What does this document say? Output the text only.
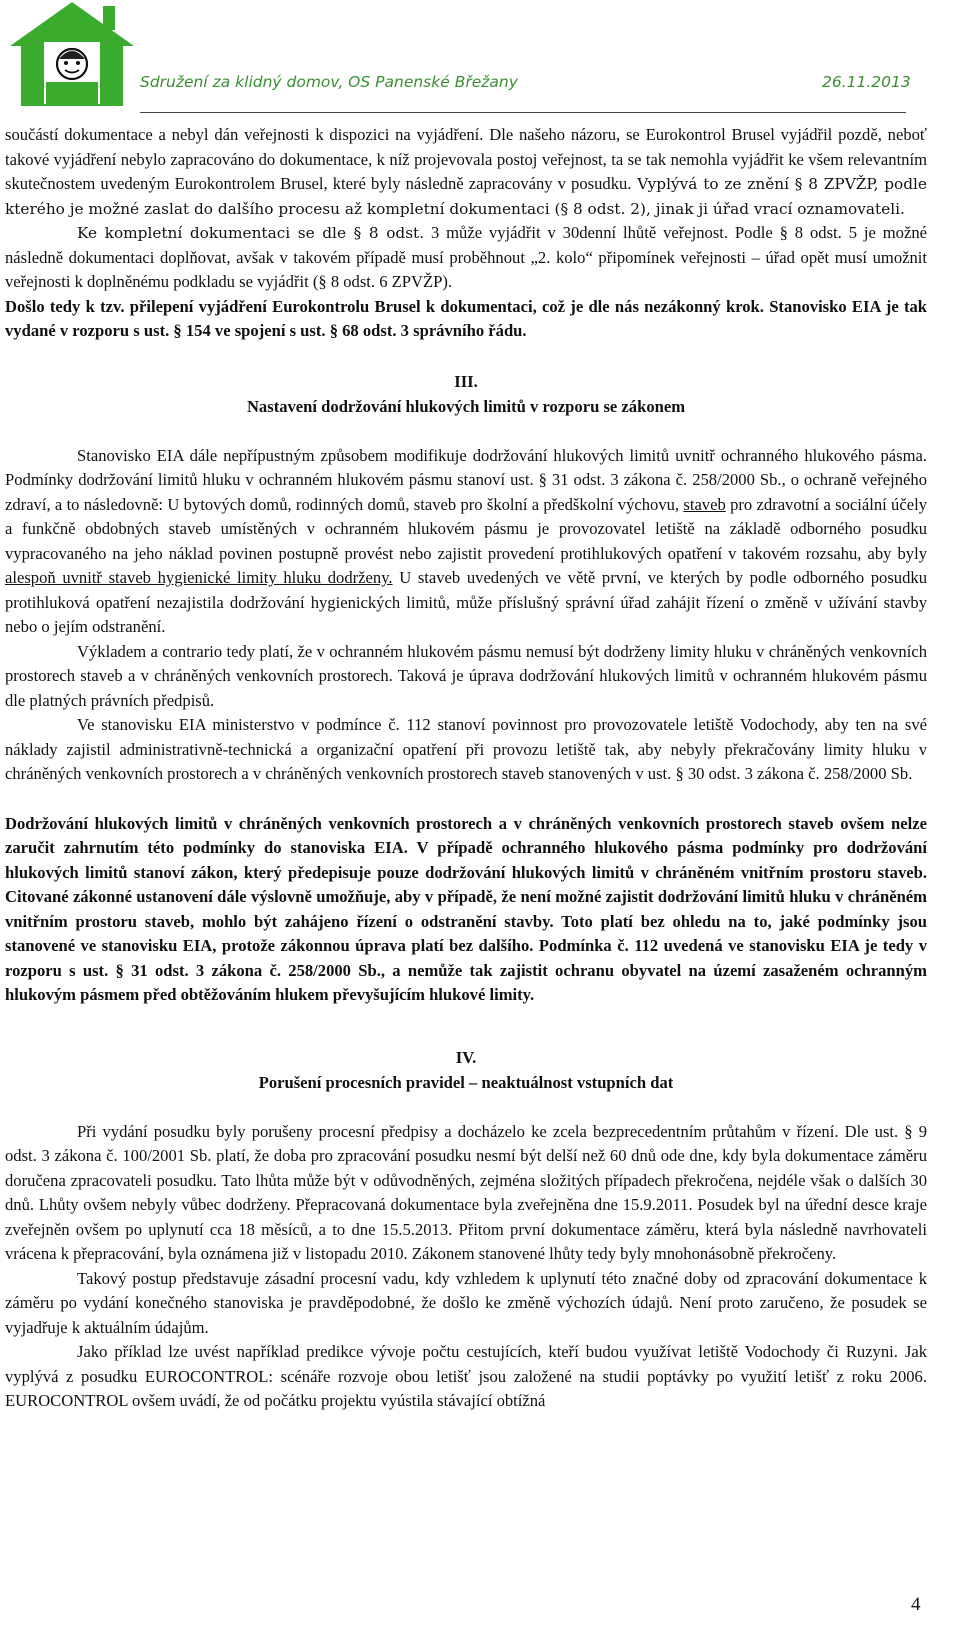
Sdružení za klidný domov, OS Panenské Břežany	26.11.2013

součástí dokumentace a nebyl dán veřejnosti k dispozici na vyjádření. Dle našeho názoru, se Eurokontrol Brusel vyjádřil pozdě, neboť takové vyjádření nebylo zapracováno do dokumentace, k níž projevovala postoj veřejnost, ta se tak nemohla vyjádřit ke všem relevantním skutečnostem uvedeným Eurokontrolem Brusel, které byly následně zapracovány v posudku. Vyplývá to ze znění § 8 ZPVŽP, podle kterého je možné zaslat do dalšího procesu až kompletní dokumentaci (§ 8 odst. 2), jinak ji úřad vrací oznamovateli.
Ke kompletní dokumentaci se dle § 8 odst. 3 může vyjádřit v 30denní lhůtě veřejnost. Podle § 8 odst. 5 je možné následně dokumentaci doplňovat, avšak v takovém případě musí proběhnout „2. kolo“ připomínek veřejnosti – úřad opět musí umožnit veřejnosti k doplněnému podkladu se vyjádřit (§ 8 odst. 6 ZPVŽP).

Došlo tedy k tzv. přilepení vyjádření Eurokontrolu Brusel k dokumentaci, což je dle nás nezákonný krok. Stanovisko EIA je tak vydané v rozporu s ust. § 154 ve spojení s ust. § 68 odst. 3 správního řádu.

III.

Nastavení dodržování hlukových limitů v rozporu se zákonem

Stanovisko EIA dále nepřípustným způsobem modifikuje dodržování hlukových limitů uvnitř ochranného hlukového pásma. Podmínky dodržování limitů hluku v ochranném hlukovém pásmu stanoví ust. § 31 odst. 3 zákona č. 258/2000 Sb., o ochraně veřejného zdraví, a to následovně: U bytových domů, rodinných domů, staveb pro školní a předškolní výchovu, staveb pro zdravotní a sociální účely a funkčně obdobných staveb umístěných v ochranném hlukovém pásmu je provozovatel letiště na základě odborného posudku vypracovaného na jeho náklad povinen postupně provést nebo zajistit provedení protihlukových opatření v takovém rozsahu, aby byly alespoň uvnitř staveb hygienické limity hluku dodrženy. U staveb uvedených ve větě první, ve kterých by podle odborného posudku protihluková opatření nezajistila dodržování hygienických limitů, může příslušný správní úřad zahájit řízení o změně v užívání stavby nebo o jejím odstranění.

Výkladem a contrario tedy platí, že v ochranném hlukovém pásmu nemusí být dodrženy limity hluku v chráněných venkovních prostorech staveb a v chráněných venkovních prostorech. Taková je úprava dodržování hlukových limitů v ochranném hlukovém pásmu dle platných právních předpisů.

Ve stanovisku EIA ministerstvo v podmínce č. 112 stanoví povinnost pro provozovatele letiště Vodochody, aby ten na své náklady zajistil administrativně-technická a organizační opatření při provozu letiště tak, aby nebyly překračovány limity hluku v chráněných venkovních prostorech a v chráněných venkovních prostorech staveb stanovených v ust. § 30 odst. 3 zákona č. 258/2000 Sb.

Dodržování hlukových limitů v chráněných venkovních prostorech a v chráněných venkovních prostorech staveb ovšem nelze zaručit zahrnutím této podmínky do stanoviska EIA. V případě ochranného hlukového pásma podmínky pro dodržování hlukových limitů stanoví zákon, který předepisuje pouze dodržování hlukových limitů v chráněném vnitřním prostoru staveb. Citované zákonné ustanovení dále výslovně umožňuje, aby v případě, že není možné zajistit dodržování limitů hluku v chráněném vnitřním prostoru staveb, mohlo být zahájeno řízení o odstranění stavby. Toto platí bez ohledu na to, jaké podmínky jsou stanovené ve stanovisku EIA, protože zákonnou úprava platí bez dalšího. Podmínka č. 112 uvedená ve stanovisku EIA je tedy v rozporu s ust. § 31 odst. 3 zákona č. 258/2000 Sb., a nemůže tak zajistit ochranu obyvatel na území zasaženém ochranným hlukovým pásmem před obtěžováním hlukem převyšujícím hlukové limity.

IV.

Porušení procesních pravidel – neaktuálnost vstupních dat

Při vydání posudku byly porušeny procesní předpisy a docházelo ke zcela bezprecedentním průtahům v řízení. Dle ust. § 9 odst. 3 zákona č. 100/2001 Sb. platí, že doba pro zpracování posudku nesmí být delší než 60 dnů ode dne, kdy byla dokumentace záměru doručena zpracovateli posudku. Tato lhůta může být v odůvodněných, zejména složitých případech překročena, nejdéle však o dalších 30 dnů. Lhůty ovšem nebyly vůbec dodrženy. Přepracovaná dokumentace byla zveřejněna dne 15.9.2011. Posudek byl na úřední desce kraje zveřejněn ovšem po uplynutí cca 18 měsíců, a to dne 15.5.2013. Přitom první dokumentace záměru, která byla následně navrhovateli vrácena k přepracování, byla oznámena již v listopadu 2010. Zákonem stanovené lhůty tedy byly mnohonásobně překročeny.

Takový postup představuje zásadní procesní vadu, kdy vzhledem k uplynutí této značné doby od zpracování dokumentace k záměru po vydání konečného stanoviska je pravděpodobné, že došlo ke změně výchozích údajů. Není proto zaručeno, že posudek se vyjadřuje k aktuálním údajům.

Jako příklad lze uvést například predikce vývoje počtu cestujících, kteří budou využívat letiště Vodochody či Ruzyni. Jak vyplývá z posudku EUROCONTROL: scénáře rozvoje obou letišť jsou založené na studii poptávky po využití letišť z roku 2006. EUROCONTROL ovšem uvádí, že od počátku projektu vyústila stávající obtížná

4
